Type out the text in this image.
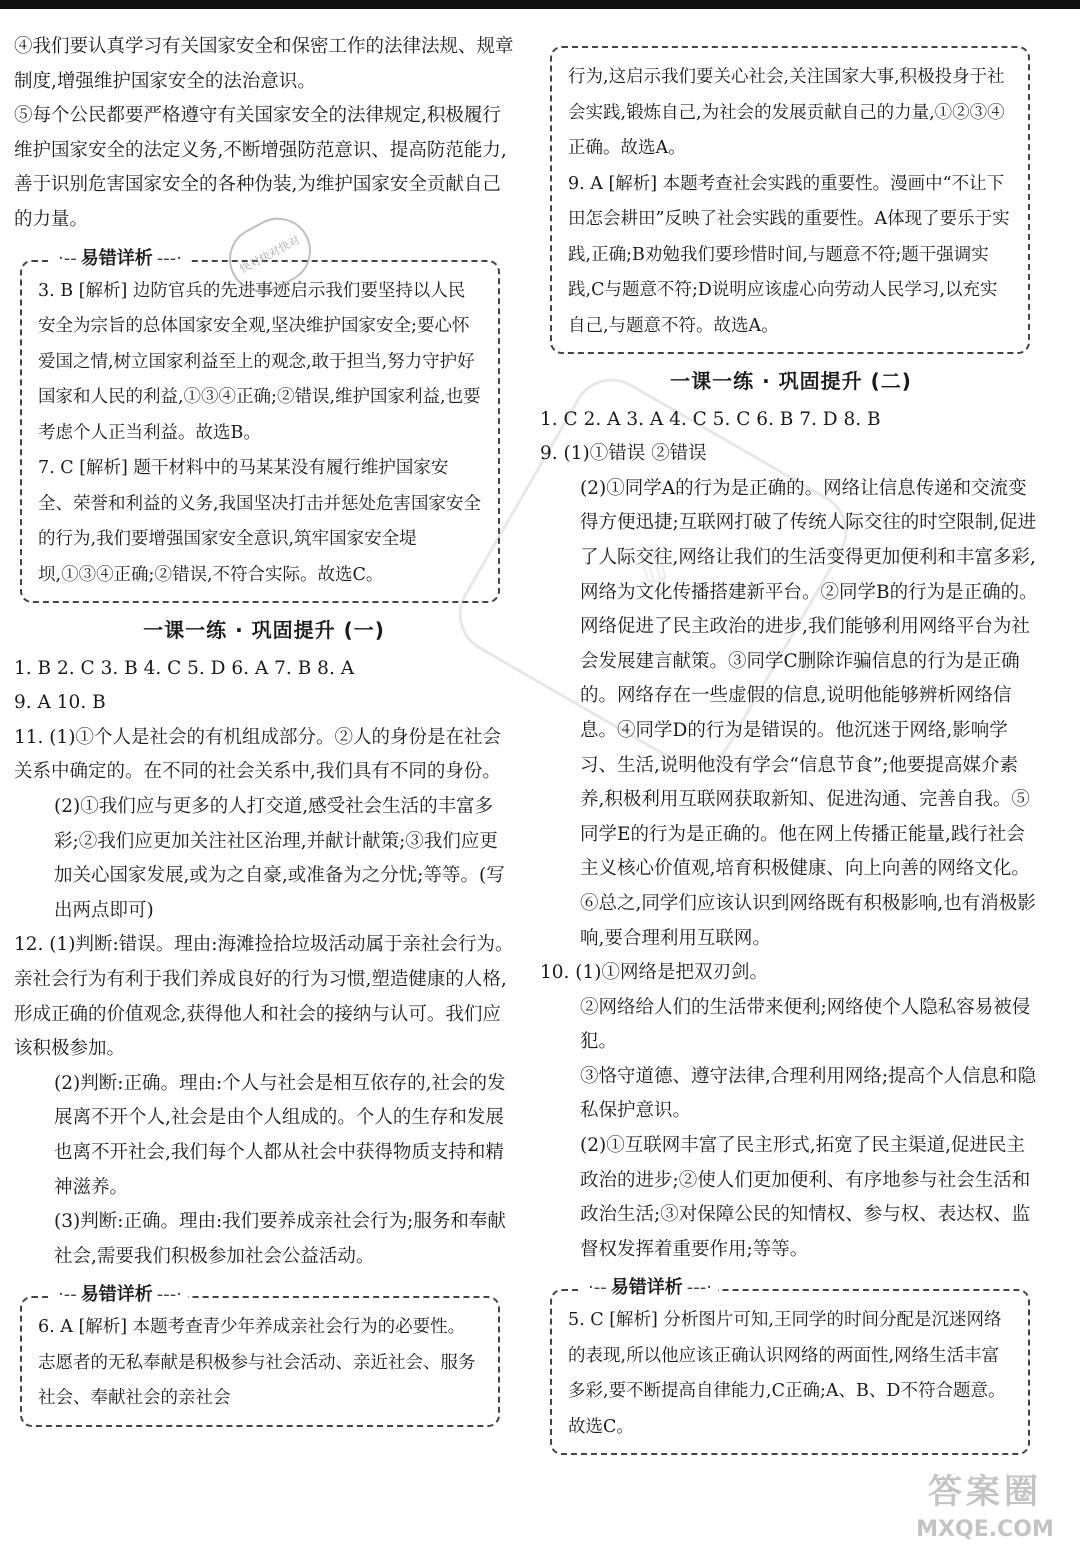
✎

④我们要认真学习有关国家安全和保密工作的法律法规、规章制度,增强维护国家安全的法治意识。

⑤每个公民都要严格遵守有关国家安全的法律规定,积极履行维护国家安全的法定义务,不断增强防范意识、提高防范能力,善于识别危害国家安全的各种伪装,为维护国家安全贡献自己的力量。

·-- 易错详析 ---·

3. B [解析] 边防官兵的先进事迹启示我们要坚持以人民安全为宗旨的总体国家安全观,坚决维护国家安全;要心怀爱国之情,树立国家利益至上的观念,敢于担当,努力守护好国家和人民的利益,①③④正确;②错误,维护国家利益,也要考虑个人正当利益。故选B。

7. C [解析] 题干材料中的马某某没有履行维护国家安全、荣誉和利益的义务,我国坚决打击并惩处危害国家安全的行为,我们要增强国家安全意识,筑牢国家安全堤坝,①③④正确;②错误,不符合实际。故选C。

一课一练 · 巩固提升 (一)

1. B 2. C 3. B 4. C 5. D 6. A 7. B 8. A

9. A 10. B

11. (1)①个人是社会的有机组成部分。②人的身份是在社会关系中确定的。在不同的社会关系中,我们具有不同的身份。

(2)①我们应与更多的人打交道,感受社会生活的丰富多彩;②我们应更加关注社区治理,并献计献策;③我们应更加关心国家发展,或为之自豪,或准备为之分忧;等等。(写出两点即可)

12. (1)判断:错误。理由:海滩捡拾垃圾活动属于亲社会行为。亲社会行为有利于我们养成良好的行为习惯,塑造健康的人格,形成正确的价值观念,获得他人和社会的接纳与认可。我们应该积极参加。

(2)判断:正确。理由:个人与社会是相互依存的,社会的发展离不开个人,社会是由个人组成的。个人的生存和发展也离不开社会,我们每个人都从社会中获得物质支持和精神滋养。

(3)判断:正确。理由:我们要养成亲社会行为;服务和奉献社会,需要我们积极参加社会公益活动。

·-- 易错详析 ---·

6. A [解析] 本题考查青少年养成亲社会行为的必要性。志愿者的无私奉献是积极参与社会活动、亲近社会、服务社会、奉献社会的亲社会

快对快对快对

行为,这启示我们要关心社会,关注国家大事,积极投身于社会实践,锻炼自己,为社会的发展贡献自己的力量,①②③④正确。故选A。

9. A [解析] 本题考查社会实践的重要性。漫画中“不让下田怎会耕田”反映了社会实践的重要性。A体现了要乐于实践,正确;B劝勉我们要珍惜时间,与题意不符;题干强调实践,C与题意不符;D说明应该虚心向劳动人民学习,以充实自己,与题意不符。故选A。

一课一练 · 巩固提升 (二)

1. C 2. A 3. A 4. C 5. C 6. B 7. D 8. B

9. (1)①错误 ②错误

(2)①同学A的行为是正确的。网络让信息传递和交流变得方便迅捷;互联网打破了传统人际交往的时空限制,促进了人际交往,网络让我们的生活变得更加便利和丰富多彩,网络为文化传播搭建新平台。②同学B的行为是正确的。网络促进了民主政治的进步,我们能够利用网络平台为社会发展建言献策。③同学C删除诈骗信息的行为是正确的。网络存在一些虚假的信息,说明他能够辨析网络信息。④同学D的行为是错误的。他沉迷于网络,影响学习、生活,说明他没有学会“信息节食”;他要提高媒介素养,积极利用互联网获取新知、促进沟通、完善自我。⑤同学E的行为是正确的。他在网上传播正能量,践行社会主义核心价值观,培育积极健康、向上向善的网络文化。⑥总之,同学们应该认识到网络既有积极影响,也有消极影响,要合理利用互联网。

10. (1)①网络是把双刃剑。

②网络给人们的生活带来便利;网络使个人隐私容易被侵犯。

③恪守道德、遵守法律,合理利用网络;提高个人信息和隐私保护意识。

(2)①互联网丰富了民主形式,拓宽了民主渠道,促进民主政治的进步;②使人们更加便利、有序地参与社会生活和政治生活;③对保障公民的知情权、参与权、表达权、监督权发挥着重要作用;等等。

·-- 易错详析 ---·

5. C [解析] 分析图片可知,王同学的时间分配是沉迷网络的表现,所以他应该正确认识网络的两面性,网络生活丰富多彩,要不断提高自律能力,C正确;A、B、D不符合题意。故选C。

答案圈
MXQE.COM
